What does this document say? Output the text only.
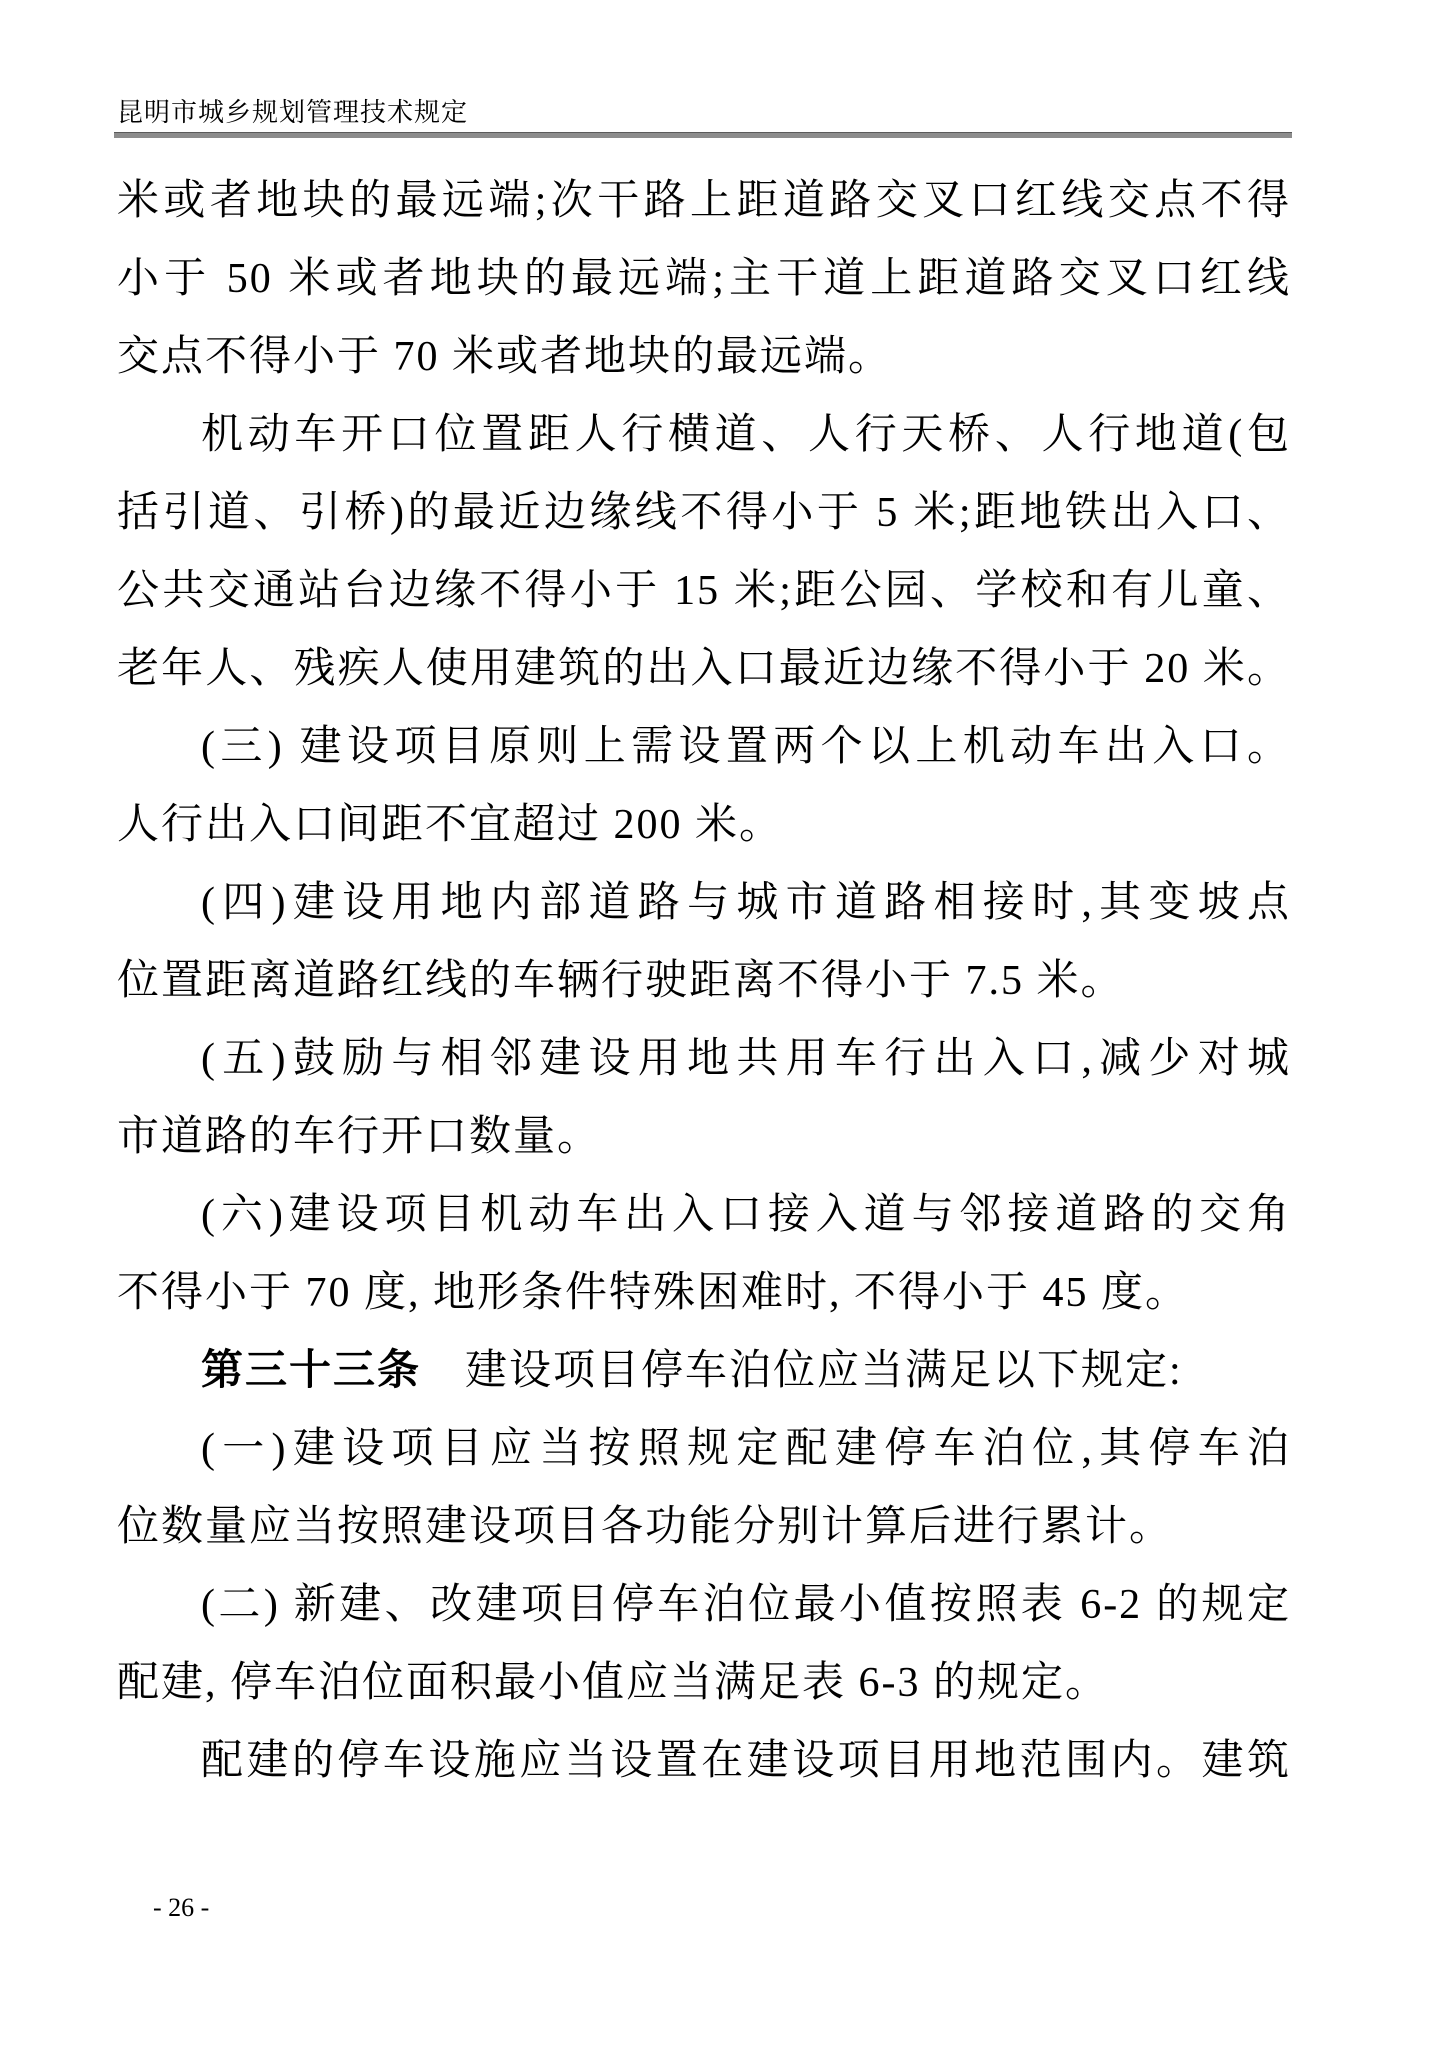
昆明市城乡规划管理技术规定
米或者地块的最远端;次干路上距道路交叉口红线交点不得
小于 50 米或者地块的最远端;主干道上距道路交叉口红线
交点不得小于 70 米或者地块的最远端。
机动车开口位置距人行横道、人行天桥、人行地道(包
括引道、引桥)的最近边缘线不得小于 5 米;距地铁出入口、
公共交通站台边缘不得小于 15 米;距公园、学校和有儿童、
老年人、残疾人使用建筑的出入口最近边缘不得小于 20 米。
(三) 建设项目原则上需设置两个以上机动车出入口。
人行出入口间距不宜超过 200 米。
(四)建设用地内部道路与城市道路相接时,其变坡点
位置距离道路红线的车辆行驶距离不得小于 7.5 米。
(五)鼓励与相邻建设用地共用车行出入口,减少对城
市道路的车行开口数量。
(六)建设项目机动车出入口接入道与邻接道路的交角
不得小于 70 度, 地形条件特殊困难时, 不得小于 45 度。
第三十三条　建设项目停车泊位应当满足以下规定:
(一)建设项目应当按照规定配建停车泊位,其停车泊
位数量应当按照建设项目各功能分别计算后进行累计。
(二) 新建、改建项目停车泊位最小值按照表 6-2 的规定
配建, 停车泊位面积最小值应当满足表 6-3 的规定。
配建的停车设施应当设置在建设项目用地范围内。建筑
- 26 -
